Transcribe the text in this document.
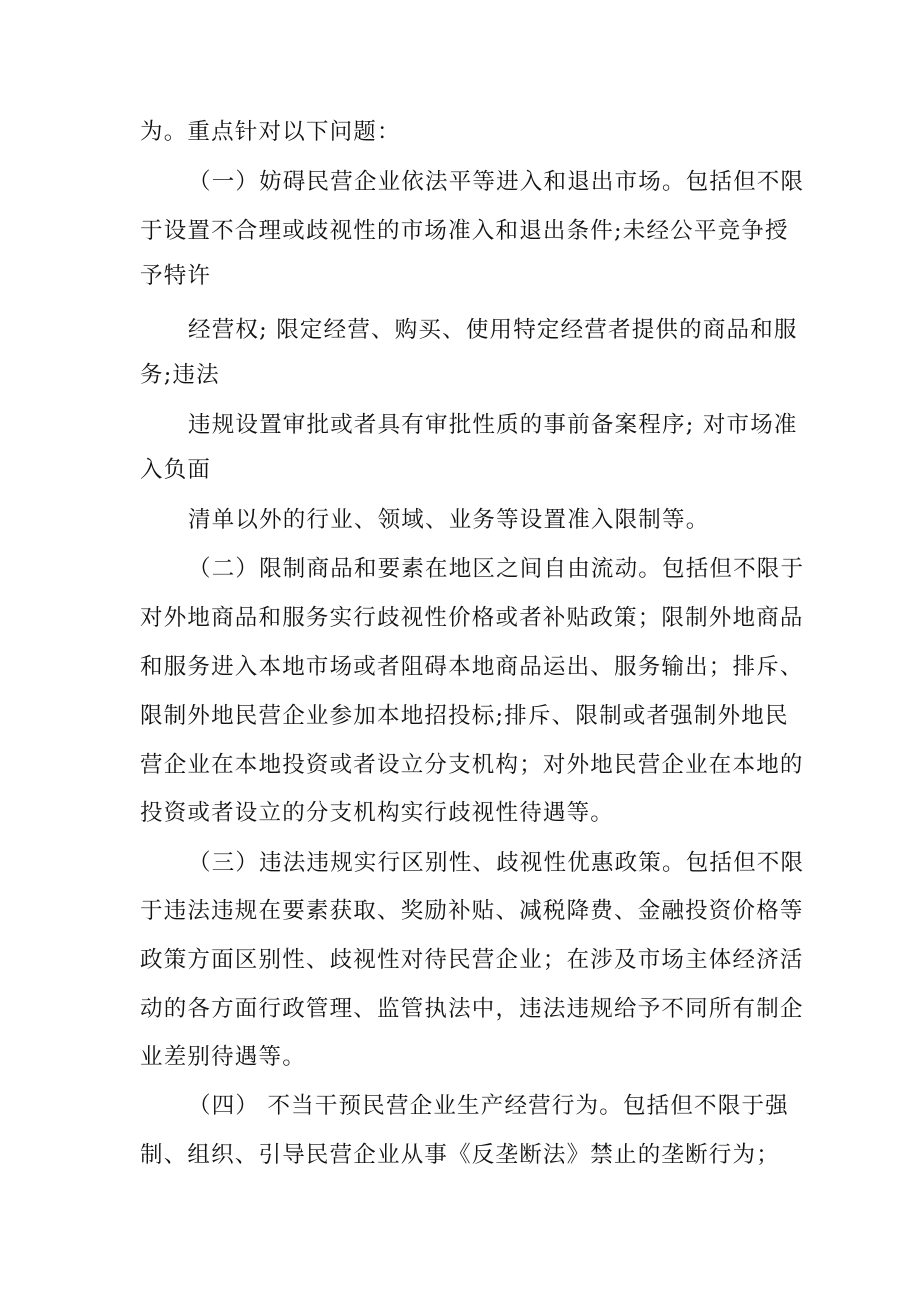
为。重点针对以下问题：
（一）妨碍民营企业依法平等进入和退出市场。包括但不限
于设置不合理或歧视性的市场准入和退出条件;未经公平竞争授
予特许
经营权; 限定经营、购买、使用特定经营者提供的商品和服
务;违法
违规设置审批或者具有审批性质的事前备案程序; 对市场准
入负面
清单以外的行业、领域、业务等设置准入限制等。
（二）限制商品和要素在地区之间自由流动。包括但不限于
对外地商品和服务实行歧视性价格或者补贴政策；限制外地商品
和服务进入本地市场或者阻碍本地商品运出、服务输出；排斥、
限制外地民营企业参加本地招投标;排斥、限制或者强制外地民
营企业在本地投资或者设立分支机构；对外地民营企业在本地的
投资或者设立的分支机构实行歧视性待遇等。
（三）违法违规实行区别性、歧视性优惠政策。包括但不限
于违法违规在要素获取、奖励补贴、减税降费、金融投资价格等
政策方面区别性、歧视性对待民营企业；在涉及市场主体经济活
动的各方面行政管理、监管执法中，违法违规给予不同所有制企
业差别待遇等。
（四） 不当干预民营企业生产经营行为。包括但不限于强
制、组织、引导民营企业从事《反垄断法》禁止的垄断行为；
